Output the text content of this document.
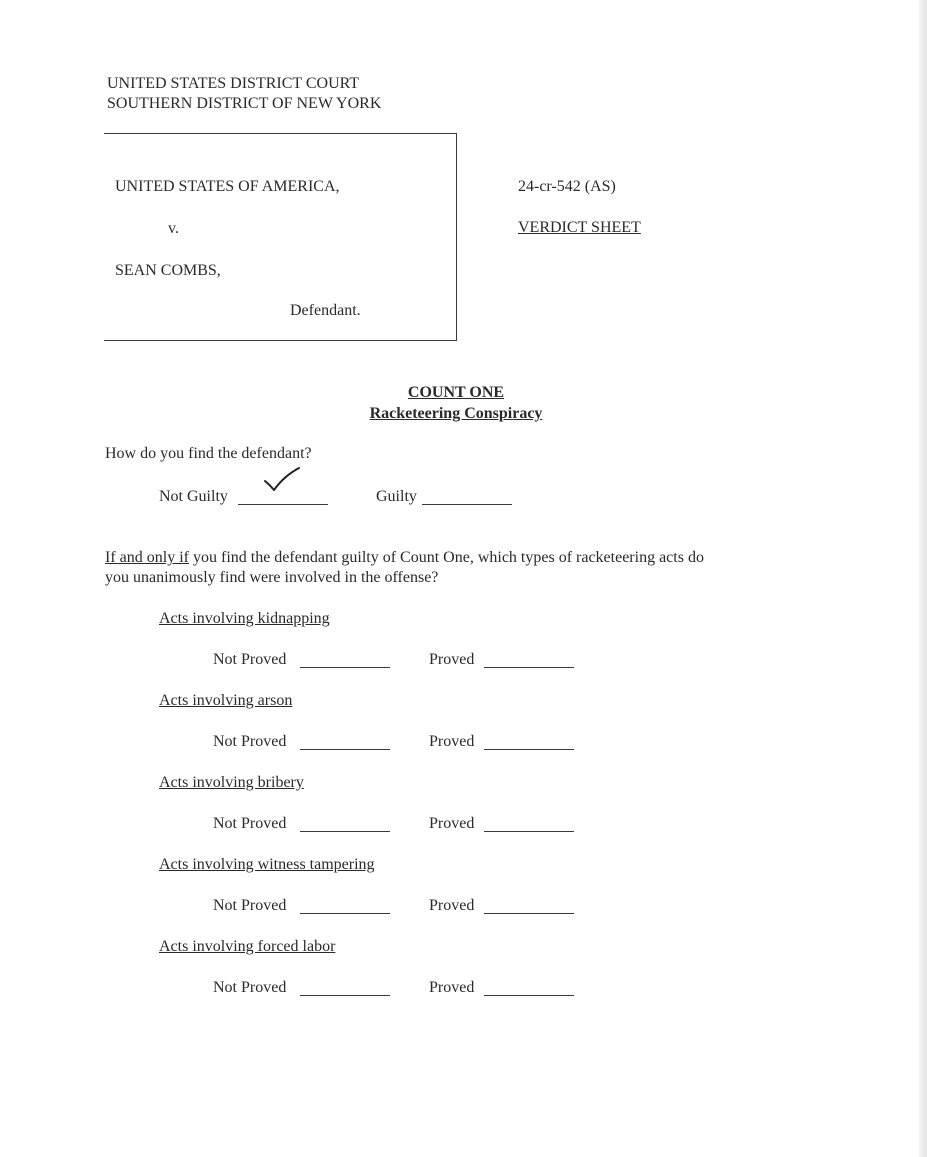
UNITED STATES DISTRICT COURT
SOUTHERN DISTRICT OF NEW YORK
UNITED STATES OF AMERICA,
v.
SEAN COMBS,
Defendant.
24-cr-542 (AS)
VERDICT SHEET
COUNT ONE
Racketeering Conspiracy
How do you find the defendant?
Not Guilty	Guilty
If and only if you find the defendant guilty of Count One, which types of racketeering acts do
you unanimously find were involved in the offense?
Acts involving kidnapping
Not Proved	Proved
Acts involving arson
Not Proved	Proved
Acts involving bribery
Not Proved	Proved
Acts involving witness tampering
Not Proved	Proved
Acts involving forced labor
Not Proved	Proved
